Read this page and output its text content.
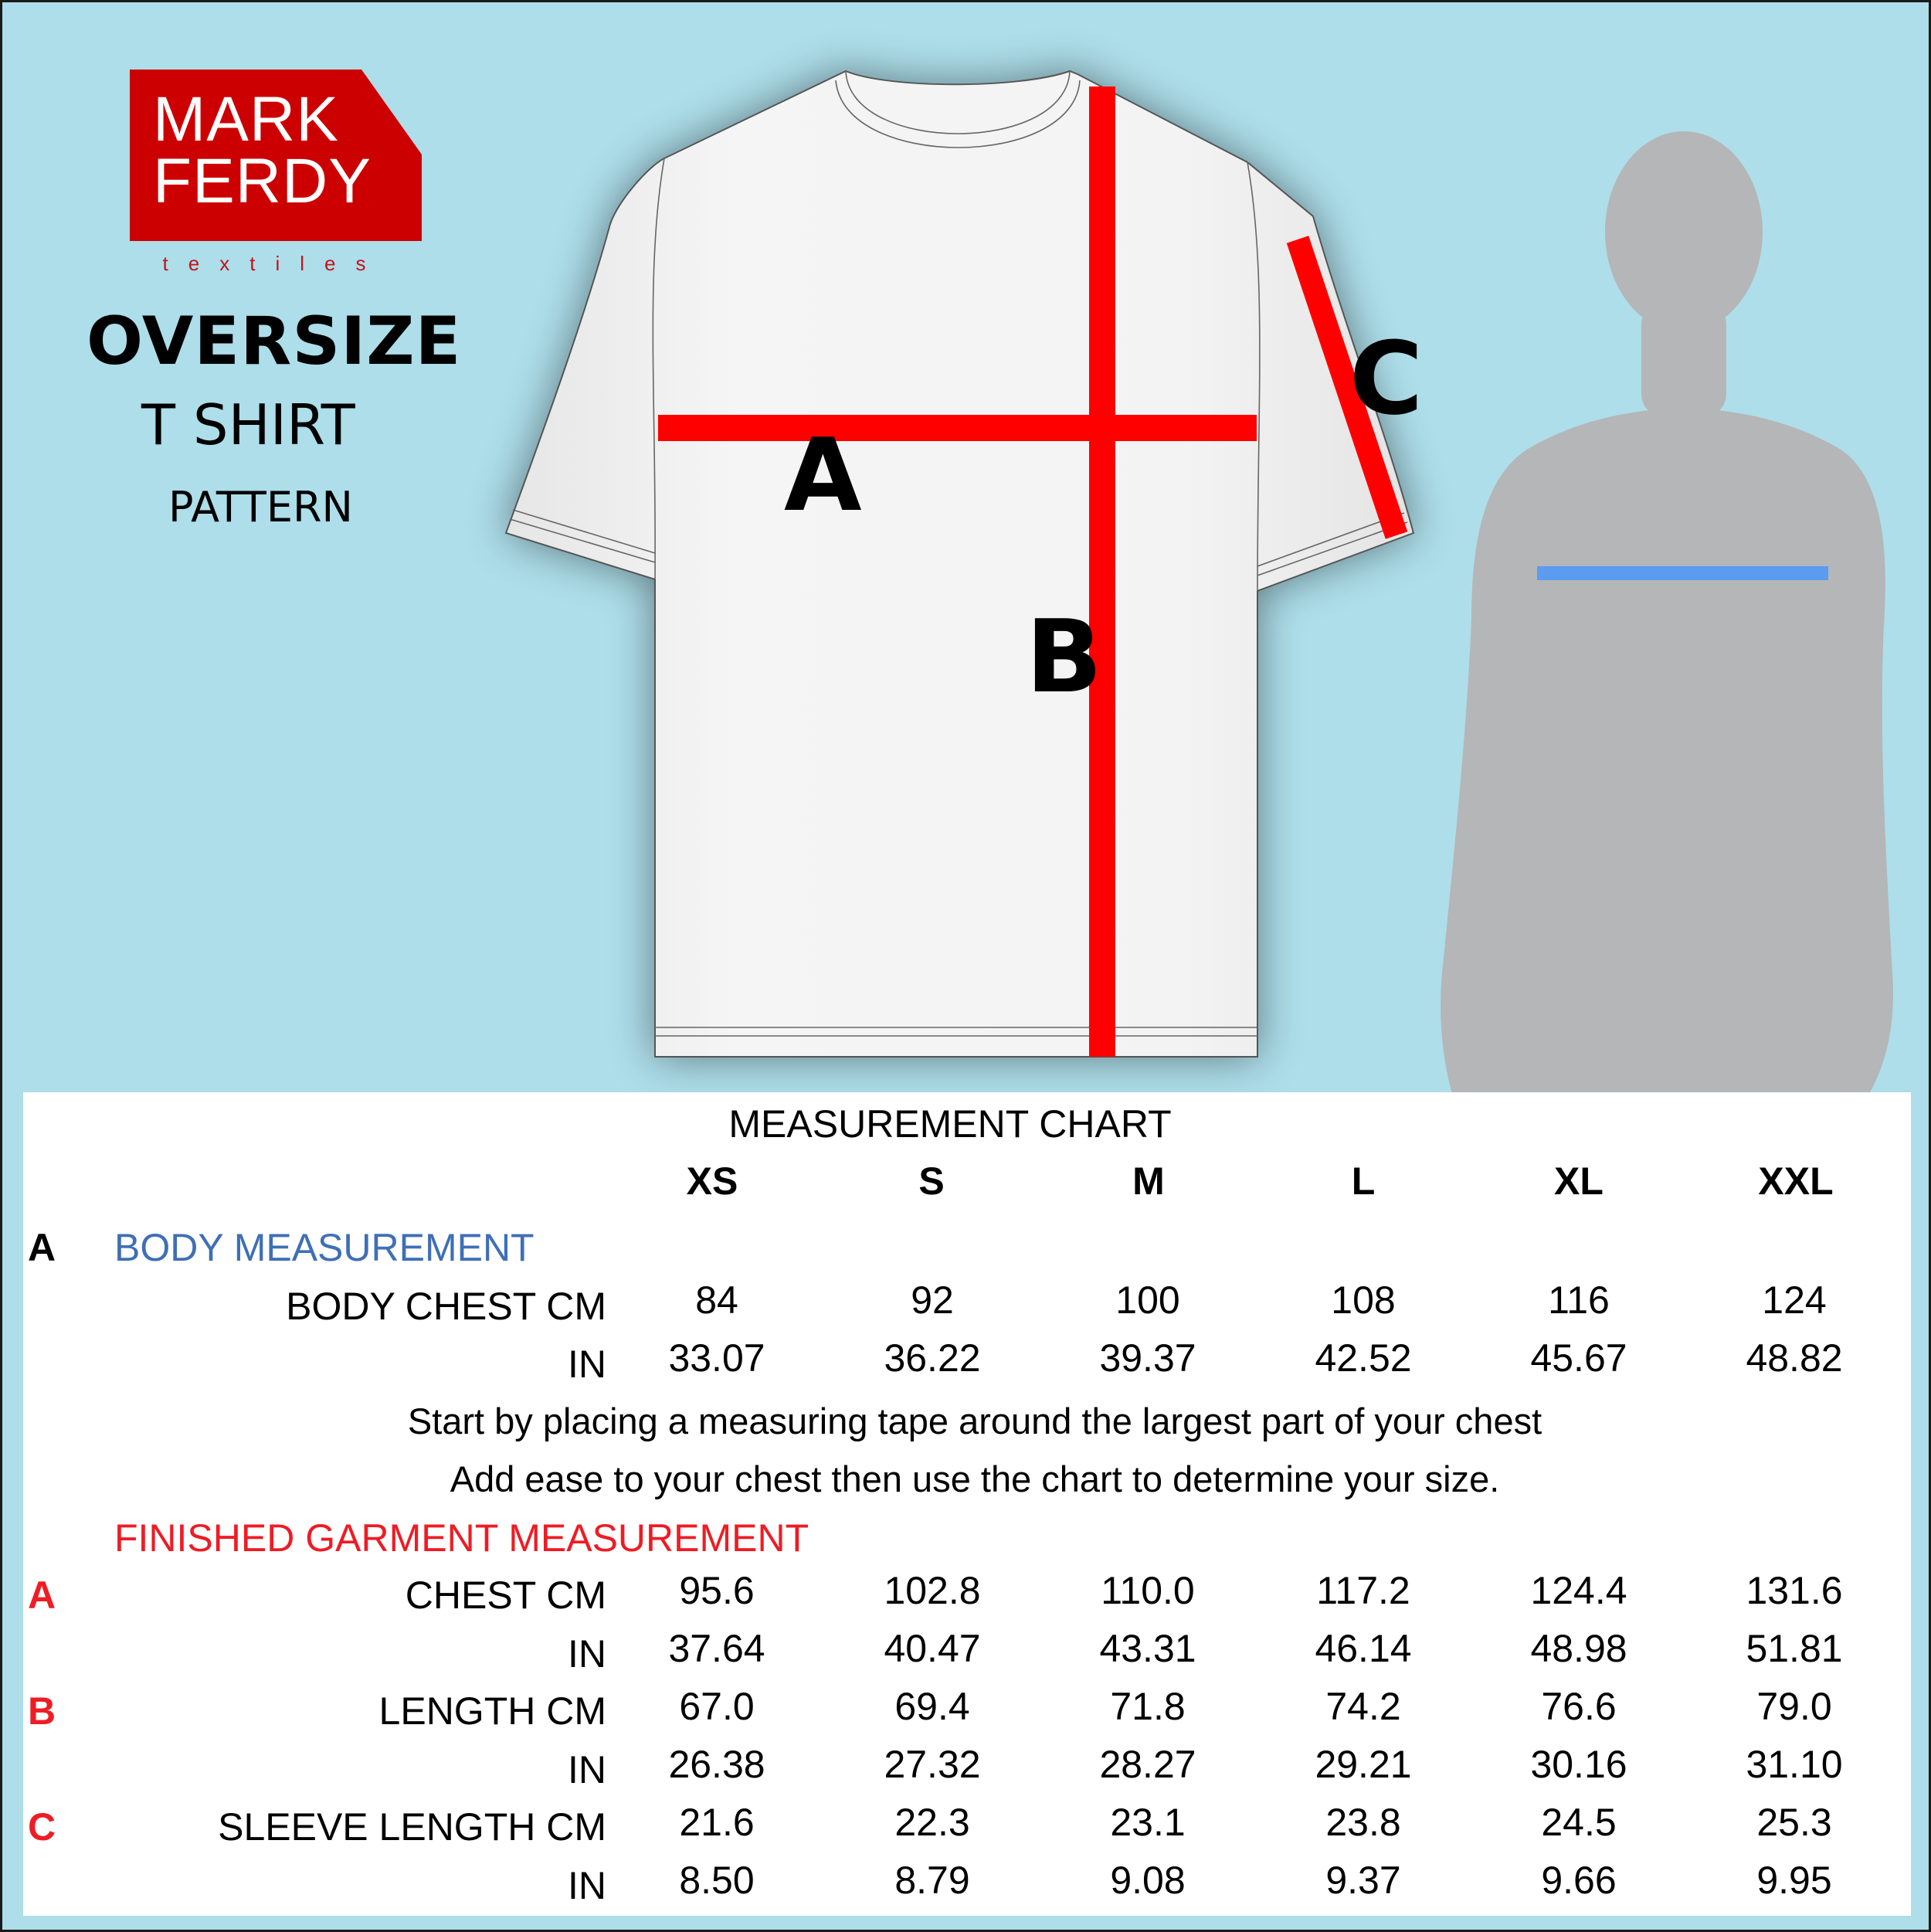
MARK
FERDY
textiles
OVERSIZE
T SHIRT
PATTERN	A
B
C
MEASUREMENT CHART
XS	S	M	L	XL	XXL
A BODY MEASUREMENT
BODY CHEST CM 84	92	100	108	116	124
IN 33.07	36.22	39.37	42.52	45.67	48.82
Start by placing a measuring tape around the largest part of your chest
Add ease to your chest then use the chart to determine your size.
FINISHED GARMENT MEASUREMENT
A	CHEST CM 95.6	102.8	110.0	117.2	124.4	131.6
IN 37.64	40.47	43.31	46.14	48.98	51.81
B	LENGTH CM 67.0	69.4	71.8	74.2	76.6	79.0
IN 26.38	27.32	28.27	29.21	30.16	31.10
C	SLEEVE LENGTH CM 21.6	22.3	23.1	23.8	24.5	25.3
IN 8.50	8.79	9.08	9.37	9.66	9.95
